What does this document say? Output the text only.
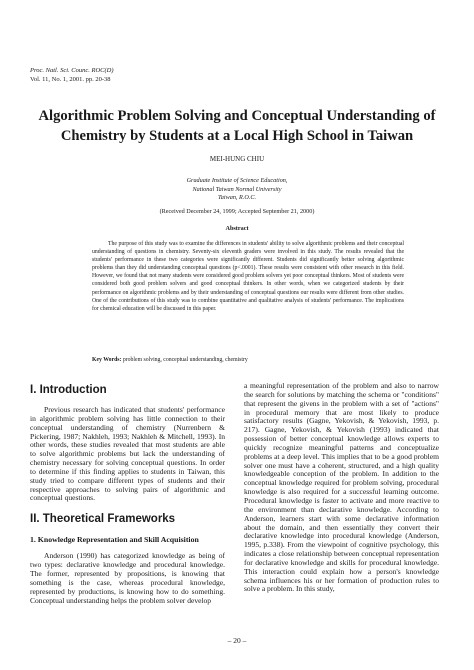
Proc. Natl. Sci. Counc. ROC(D)
Vol. 11, No. 1, 2001. pp. 20-38
Algorithmic Problem Solving and Conceptual Understanding of
Chemistry by Students at a Local High School in Taiwan
MEI-HUNG CHIU
Graduate Institute of Science Education,
National Taiwan Normal University
Taiwan, R.O.C.
(Received December 24, 1999; Accepted September 21, 2000)
Abstract
The purpose of this study was to examine the differences in students' ability to solve algorithmic problems and their conceptual understanding of questions in chemistry. Seventy-six eleventh graders were involved in this study. The results revealed that the students' performance in these two categories were significantly different. Students did significantly better solving algorithmic problems than they did understanding conceptual questions (p<.0001). These results were consistent with other research in this field. However, we found that not many students were considered good problem solvers yet poor conceptual thinkers. Most of students were considered both good problem solvers and good conceptual thinkers. In other words, when we categorized students by their performance on algorithmic problems and by their understanding of conceptual questions our results were different from other studies. One of the contributions of this study was to combine quantitative and qualitative analysis of students' performance. The implications for chemical education will be discussed in this paper.
Key Words: problem solving, conceptual understanding, chemistry
I. Introduction

Previous research has indicated that students' performance in algorithmic problem solving has little connection to their conceptual understanding of chemistry (Nurrenbern & Pickering, 1987; Nakhleh, 1993; Nakhleh & Mitchell, 1993). In other words, these studies revealed that most students are able to solve algorithmic problems but lack the understanding of chemistry necessary for solving conceptual questions. In order to determine if this finding applies to students in Taiwan, this study tried to compare different types of students and their respective approaches to solving pairs of algorithmic and conceptual questions.

II. Theoretical Frameworks
1. Knowledge Representation and Skill Acquisition

Anderson (1990) has categorized knowledge as being of two types: declarative knowledge and procedural knowledge. The former, represented by propositions, is knowing that something is the case, whereas procedural knowledge, represented by productions, is knowing how to do something. Conceptual understanding helps the problem solver develop

a meaningful representation of the problem and also to narrow the search for solutions by matching the schema or "conditions" that represent the givens in the problem with a set of "actions" in procedural memory that are most likely to produce satisfactory results (Gagne, Yekovish, & Yekovish, 1993, p. 217). Gagne, Yekovish, & Yekovish (1993) indicated that possession of better conceptual knowledge allows experts to quickly recognize meaningful patterns and conceptualize problems at a deep level. This implies that to be a good problem solver one must have a coherent, structured, and a high quality knowledgeable conception of the problem. In addition to the conceptual knowledge required for problem solving, procedural knowledge is also required for a successful learning outcome. Procedural knowledge is faster to activate and more reactive to the environment than declarative knowledge. According to Anderson, learners start with some declarative information about the domain, and then essentially they convert their declarative knowledge into procedural knowledge (Anderson, 1995, p.338). From the viewpoint of cognitive psychology, this indicates a close relationship between conceptual representation for declarative knowledge and skills for procedural knowledge. This interaction could explain how a person's knowledge schema influences his or her formation of production rules to solve a problem. In this study,

– 20 –
